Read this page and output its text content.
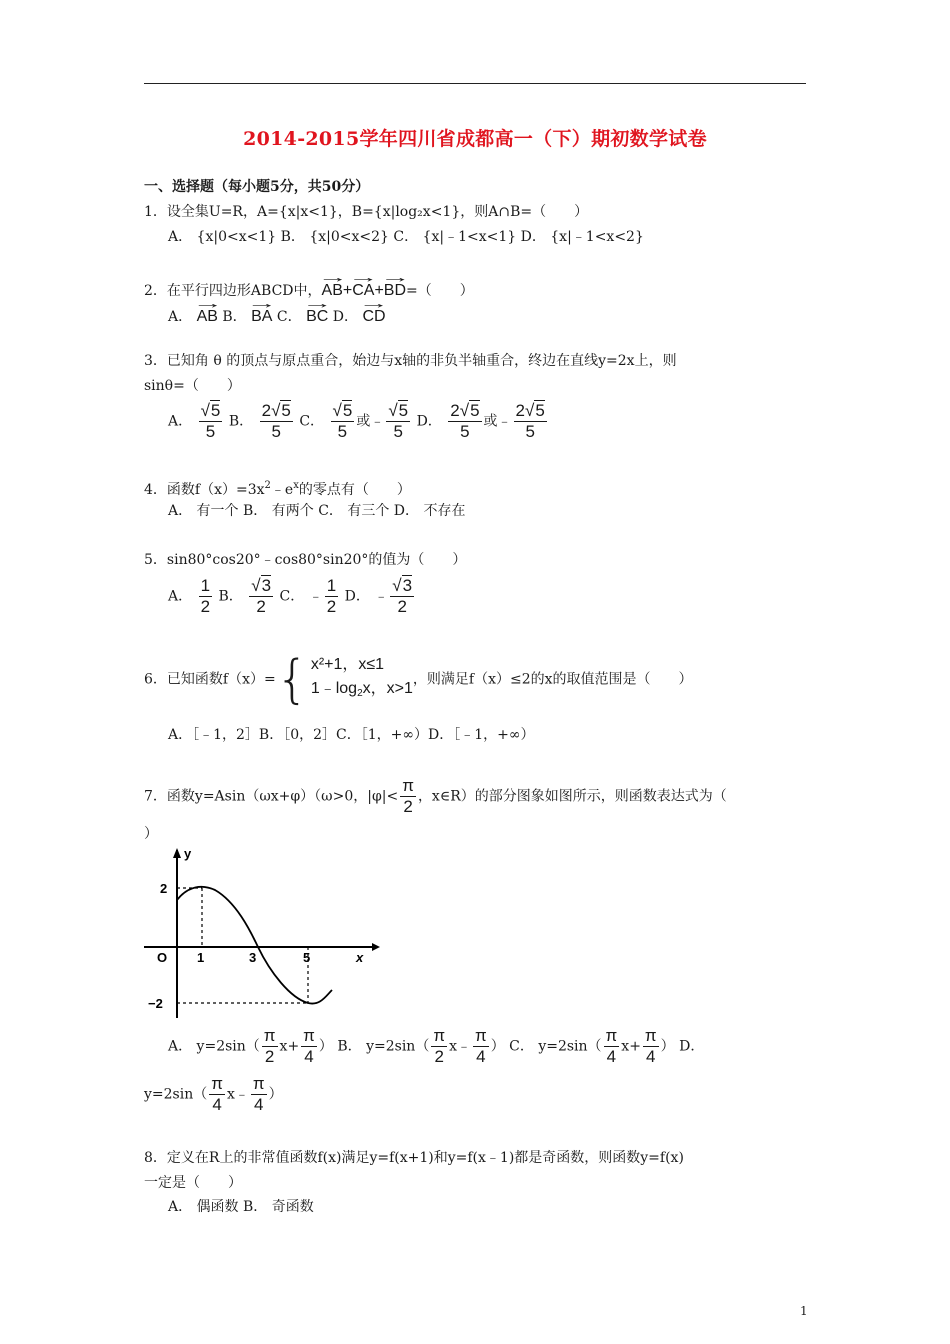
2014-2015学年四川省成都高一（下）期初数学试卷
一、选择题（每小题5分，共50分）
1．设全集U=R，A={x|x<1}，B={x|log₂x<1}，则A∩B=（　　）
A． {x|0<x<1} B． {x|0<x<2} C． {x|﹣1<x<1} D． {x|﹣1<x<2}
2．在平行四边形ABCD中，→ AB+→ CA+→ BD=（　　）
A． → AB B． → BA C． → BC D． → CD
3．已知角 θ 的顶点与原点重合，始边与x轴的非负半轴重合，终边在直线y=2x上，则
sinθ=（　　）
A． $\frac{√5}{5}$ B． $\frac{2√5}{5}$ C． $\frac{√5}{5}$ 或﹣ $\frac{√5}{5}$ D． $\frac{2√5}{5}$ 或﹣ $\frac{2√5}{5}$
4．函数$f(x)=3x^2﹣e^x$的零点有（　　）
A． 有一个 B． 有两个 C． 有三个 D． 不存在
5．sin80°cos20°﹣cos80°sin20°的值为（　　）
A． $\frac{1}{2}$ B． $\frac{√3}{2}$ C． ﹣ $\frac{1}{2}$ D． ﹣ $\frac{√3}{2}$
6．已知函数f（x）={ x²+1，x≤1
$1﹣\log_2x$，x>1
，则满足f（x）≤2的x的取值范围是（　　）
A．［﹣1，2］B．［0，2］C．［1，+∞）D．［﹣1，+∞）
7．函数y=Asin（ωx+φ）（ω>0，$|\varphi|< \frac{\pi}{2}$ ，x∈R）的部分图象如图所示，则函数表达式为（
）
y
x
O 1	3	5
2
−2
A． $y=2\sin( \frac{\pi}{2} x+ \frac{\pi}{4}$ ） B． $y=2\sin( \frac{\pi}{2}$ x﹣ $\frac{\pi}{4}$ ） C． $y=2\sin( \frac{\pi}{4} x+ \frac{\pi}{4}$ ） D．
$y=2\sin( \frac{\pi}{4}$ x﹣ $\frac{\pi}{4}$ ）
8．定义在R上的非常值函数f(x)满足y=f(x+1)和y=f(x﹣1)都是奇函数，则函数y=f(x)
一定是（　　）
A． 偶函数 B． 奇函数
1
